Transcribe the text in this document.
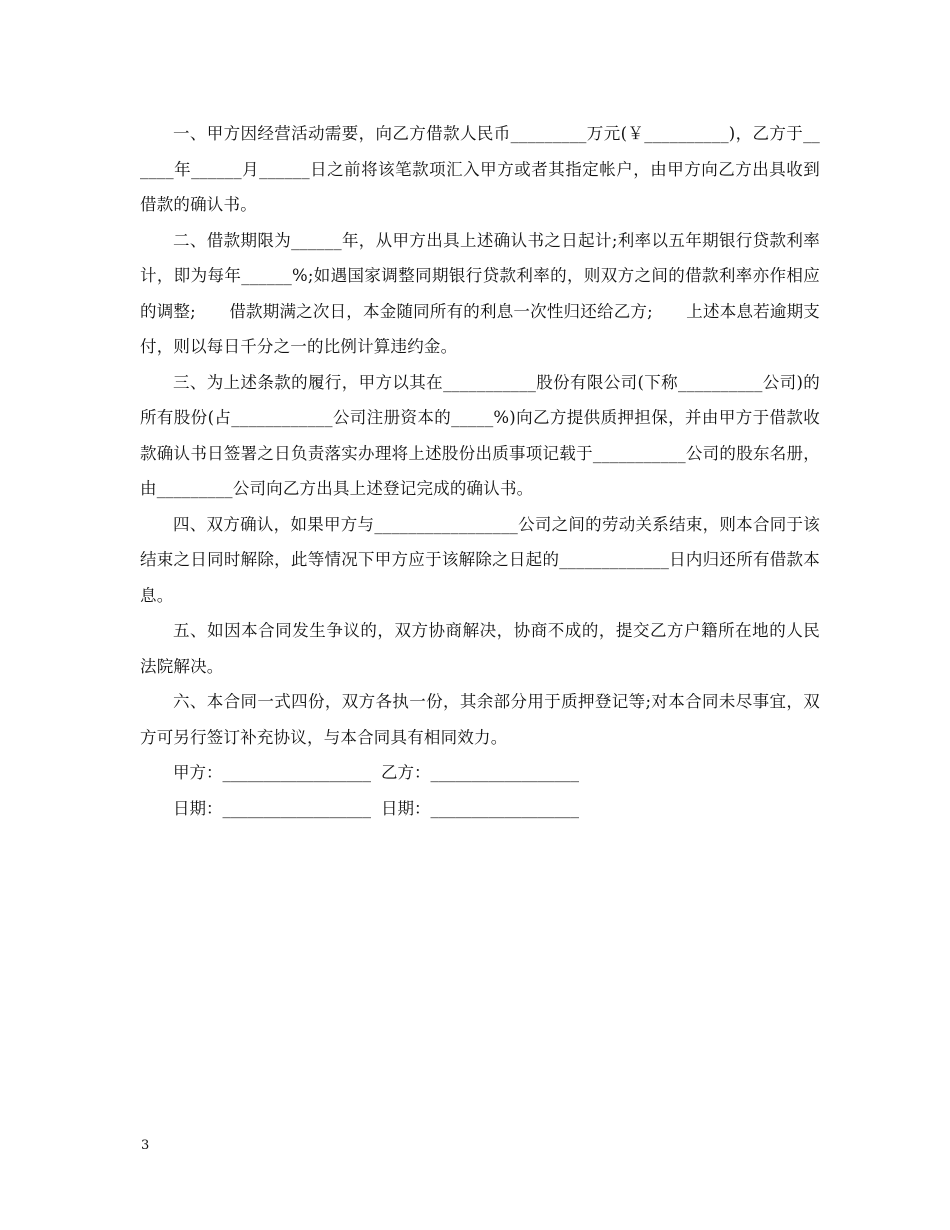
一、甲方因经营活动需要，向乙方借款人民币_________万元(￥__________)，乙方于______年______月______日之前将该笔款项汇入甲方或者其指定帐户，由甲方向乙方出具收到借款的确认书。

二、借款期限为______年，从甲方出具上述确认书之日起计;利率以五年期银行贷款利率计，即为每年______%;如遇国家调整同期银行贷款利率的，则双方之间的借款利率亦作相应的调整;　　借款期满之次日，本金随同所有的利息一次性归还给乙方;　　上述本息若逾期支付，则以每日千分之一的比例计算违约金。

三、为上述条款的履行，甲方以其在___________股份有限公司(下称__________公司)的所有股份(占____________公司注册资本的_____%)向乙方提供质押担保，并由甲方于借款收款确认书日签署之日负责落实办理将上述股份出质事项记载于___________公司的股东名册，由_________公司向乙方出具上述登记完成的确认书。

四、双方确认，如果甲方与_________________公司之间的劳动关系结束，则本合同于该结束之日同时解除，此等情况下甲方应于该解除之日起的_____________日内归还所有借款本息。

五、如因本合同发生争议的，双方协商解决，协商不成的，提交乙方户籍所在地的人民法院解决。

六、本合同一式四份，双方各执一份，其余部分用于质押登记等;对本合同未尽事宜，双方可另行签订补充协议，与本合同具有相同效力。

甲方：__________________ 乙方：__________________

日期：__________________ 日期：__________________

3
